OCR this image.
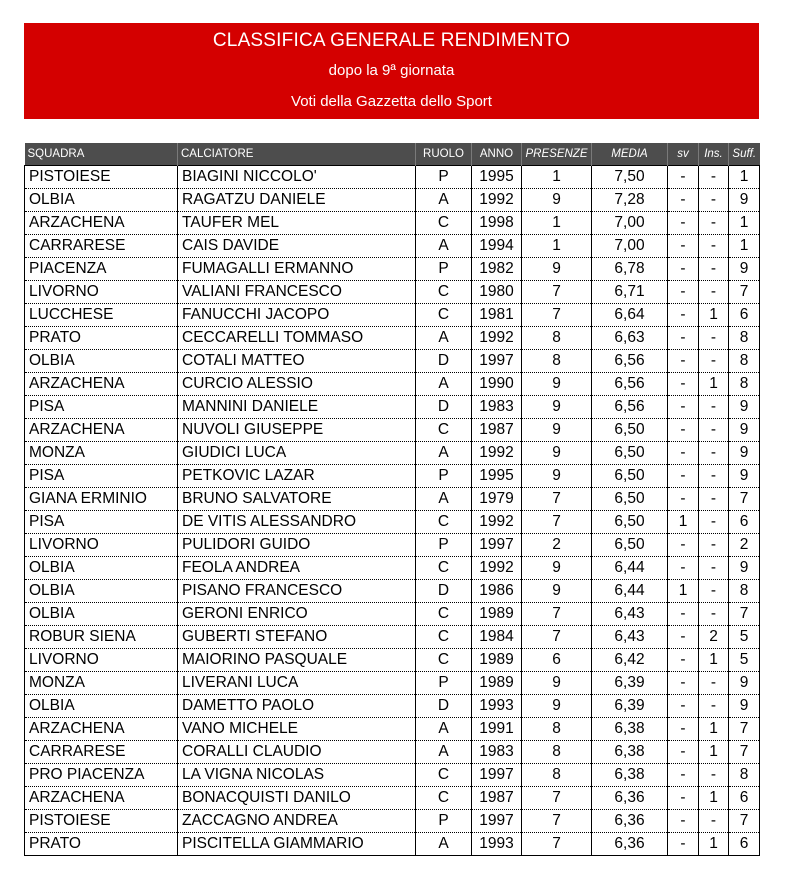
CLASSIFICA GENERALE RENDIMENTO
dopo la 9ª giornata
Voti della Gazzetta dello Sport
SQUADRA	CALCIATORE	RUOLO	ANNO	PRESENZE	MEDIA	sv	Ins.	Suff.
PISTOIESE	BIAGINI NICCOLO'	P	1995	1	7,50	-	-	1
OLBIA	RAGATZU DANIELE	A	1992	9	7,28	-	-	9
ARZACHENA	TAUFER MEL	C	1998	1	7,00	-	-	1
CARRARESE	CAIS DAVIDE	A	1994	1	7,00	-	-	1
PIACENZA	FUMAGALLI ERMANNO	P	1982	9	6,78	-	-	9
LIVORNO	VALIANI FRANCESCO	C	1980	7	6,71	-	-	7
LUCCHESE	FANUCCHI JACOPO	C	1981	7	6,64	-	1	6
PRATO	CECCARELLI TOMMASO	A	1992	8	6,63	-	-	8
OLBIA	COTALI MATTEO	D	1997	8	6,56	-	-	8
ARZACHENA	CURCIO ALESSIO	A	1990	9	6,56	-	1	8
PISA	MANNINI DANIELE	D	1983	9	6,56	-	-	9
ARZACHENA	NUVOLI GIUSEPPE	C	1987	9	6,50	-	-	9
MONZA	GIUDICI LUCA	A	1992	9	6,50	-	-	9
PISA	PETKOVIC LAZAR	P	1995	9	6,50	-	-	9
GIANA ERMINIO	BRUNO SALVATORE	A	1979	7	6,50	-	-	7
PISA	DE VITIS ALESSANDRO	C	1992	7	6,50	1	-	6
LIVORNO	PULIDORI GUIDO	P	1997	2	6,50	-	-	2
OLBIA	FEOLA ANDREA	C	1992	9	6,44	-	-	9
OLBIA	PISANO FRANCESCO	D	1986	9	6,44	1	-	8
OLBIA	GERONI ENRICO	C	1989	7	6,43	-	-	7
ROBUR SIENA	GUBERTI STEFANO	C	1984	7	6,43	-	2	5
LIVORNO	MAIORINO PASQUALE	C	1989	6	6,42	-	1	5
MONZA	LIVERANI LUCA	P	1989	9	6,39	-	-	9
OLBIA	DAMETTO PAOLO	D	1993	9	6,39	-	-	9
ARZACHENA	VANO MICHELE	A	1991	8	6,38	-	1	7
CARRARESE	CORALLI CLAUDIO	A	1983	8	6,38	-	1	7
PRO PIACENZA	LA VIGNA NICOLAS	C	1997	8	6,38	-	-	8
ARZACHENA	BONACQUISTI DANILO	C	1987	7	6,36	-	1	6
PISTOIESE	ZACCAGNO ANDREA	P	1997	7	6,36	-	-	7
PRATO	PISCITELLA GIAMMARIO	A	1993	7	6,36	-	1	6
